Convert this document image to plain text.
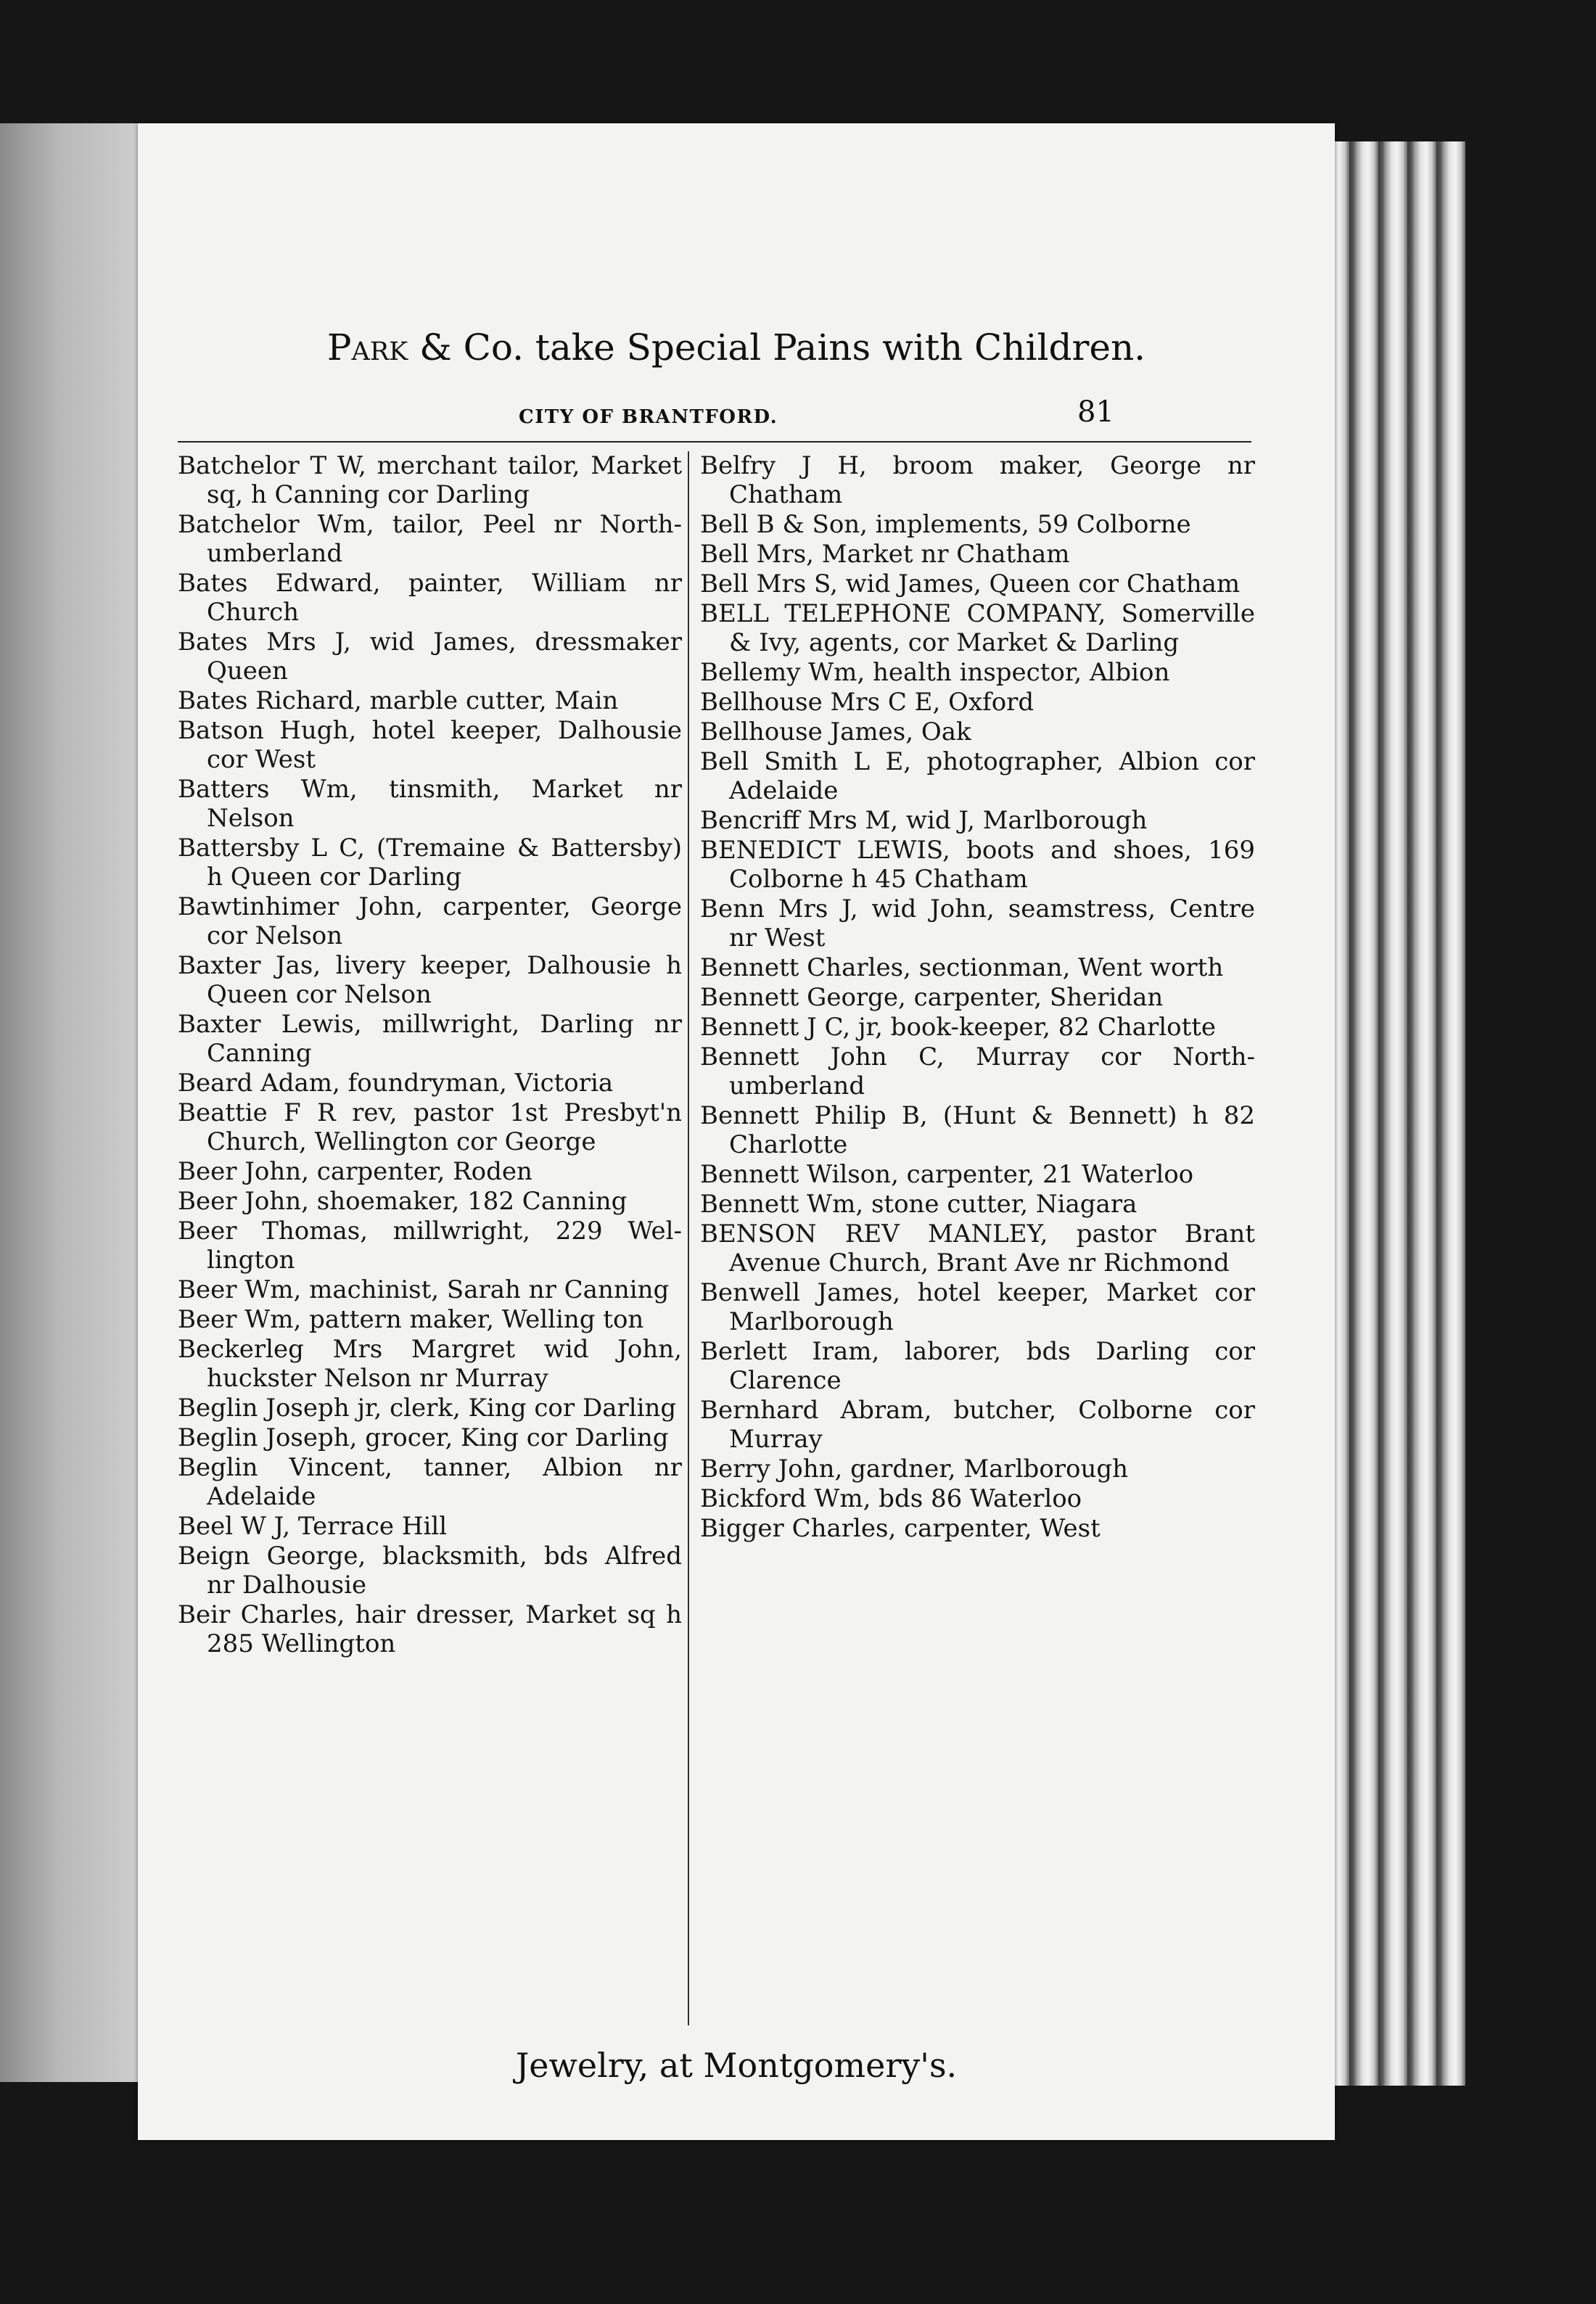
Park & Co. take Special Pains with Children.
CITY OF BRANTFORD.	81
Batchelor T W, merchant tailor, Market sq, h Canning cor Darling
Batchelor Wm, tailor, Peel nr Northumberland
Bates Edward, painter, William nr Church
Bates Mrs J, wid James, dressmaker Queen
Bates Richard, marble cutter, Main
Batson Hugh, hotel keeper, Dalhousie cor West
Batters Wm, tinsmith, Market nr Nelson
Battersby L C, (Tremaine & Battersby) h Queen cor Darling
Bawtinhimer John, carpenter, George cor Nelson
Baxter Jas, livery keeper, Dalhousie h Queen cor Nelson
Baxter Lewis, millwright, Darling nr Canning
Beard Adam, foundryman, Victoria
Beattie F R rev, pastor 1st Presbyt'n Church, Wellington cor George
Beer John, carpenter, Roden
Beer John, shoemaker, 182 Canning
Beer Thomas, millwright, 229 Wellington
Beer Wm, machinist, Sarah nr Canning
Beer Wm, pattern maker, Welling ton
Beckerleg Mrs Margret wid John, huckster Nelson nr Murray
Beglin Joseph jr, clerk, King cor Darling
Beglin Joseph, grocer, King cor Darling
Beglin Vincent, tanner, Albion nr Adelaide
Beel W J, Terrace Hill
Beign George, blacksmith, bds Alfred nr Dalhousie
Beir Charles, hair dresser, Market sq h 285 Wellington
Belfry J H, broom maker, George nr Chatham
Bell B & Son, implements, 59 Colborne
Bell Mrs, Market nr Chatham
Bell Mrs S, wid James, Queen cor Chatham
BELL TELEPHONE COMPANY, Somerville & Ivy, agents, cor Market & Darling
Bellemy Wm, health inspector, Albion
Bellhouse Mrs C E, Oxford
Bellhouse James, Oak
Bell Smith L E, photographer, Albion cor Adelaide
Bencriff Mrs M, wid J, Marlborough
BENEDICT LEWIS, boots and shoes, 169 Colborne h 45 Chatham
Benn Mrs J, wid John, seamstress, Centre nr West
Bennett Charles, sectionman, Went worth
Bennett George, carpenter, Sheridan
Bennett J C, jr, book-keeper, 82 Charlotte
Bennett John C, Murray cor Northumberland
Bennett Philip B, (Hunt & Bennett) h 82 Charlotte
Bennett Wilson, carpenter, 21 Waterloo
Bennett Wm, stone cutter, Niagara
BENSON REV MANLEY, pastor Brant Avenue Church, Brant Ave nr Richmond
Benwell James, hotel keeper, Market cor Marlborough
Berlett Iram, laborer, bds Darling cor Clarence
Bernhard Abram, butcher, Colborne cor Murray
Berry John, gardner, Marlborough
Bickford Wm, bds 86 Waterloo
Bigger Charles, carpenter, West
Jewelry, at Montgomery's.
